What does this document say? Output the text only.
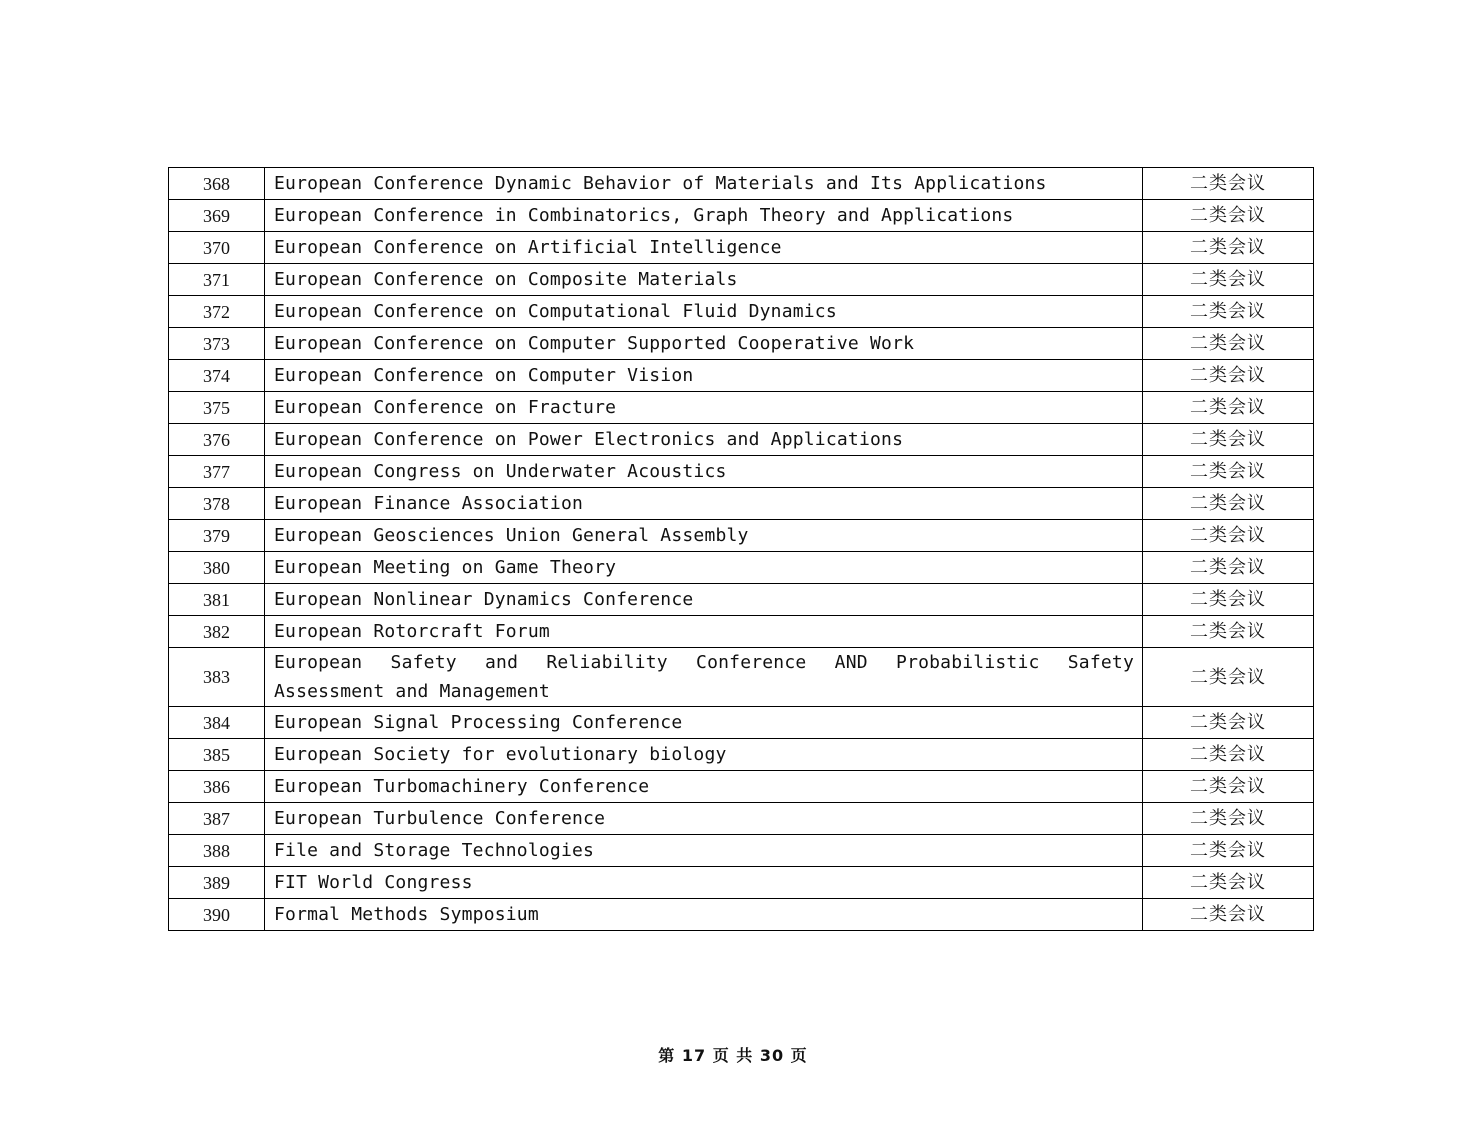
368	European Conference Dynamic Behavior of Materials and Its Applications	二类会议
369	European Conference in Combinatorics, Graph Theory and Applications	二类会议
370	European Conference on Artificial Intelligence	二类会议
371	European Conference on Composite Materials	二类会议
372	European Conference on Computational Fluid Dynamics	二类会议
373	European Conference on Computer Supported Cooperative Work	二类会议
374	European Conference on Computer Vision	二类会议
375	European Conference on Fracture	二类会议
376	European Conference on Power Electronics and Applications	二类会议
377	European Congress on Underwater Acoustics	二类会议
378	European Finance Association	二类会议
379	European Geosciences Union General Assembly	二类会议
380	European Meeting on Game Theory	二类会议
381	European Nonlinear Dynamics Conference	二类会议
382	European Rotorcraft Forum	二类会议
383	European Safety and Reliability Conference AND Probabilistic Safety Assessment and Management	二类会议
384	European Signal Processing Conference	二类会议
385	European Society for evolutionary biology	二类会议
386	European Turbomachinery Conference	二类会议
387	European Turbulence Conference	二类会议
388	File and Storage Technologies	二类会议
389	FIT World Congress	二类会议
390	Formal Methods Symposium	二类会议
第 17 页 共 30 页
